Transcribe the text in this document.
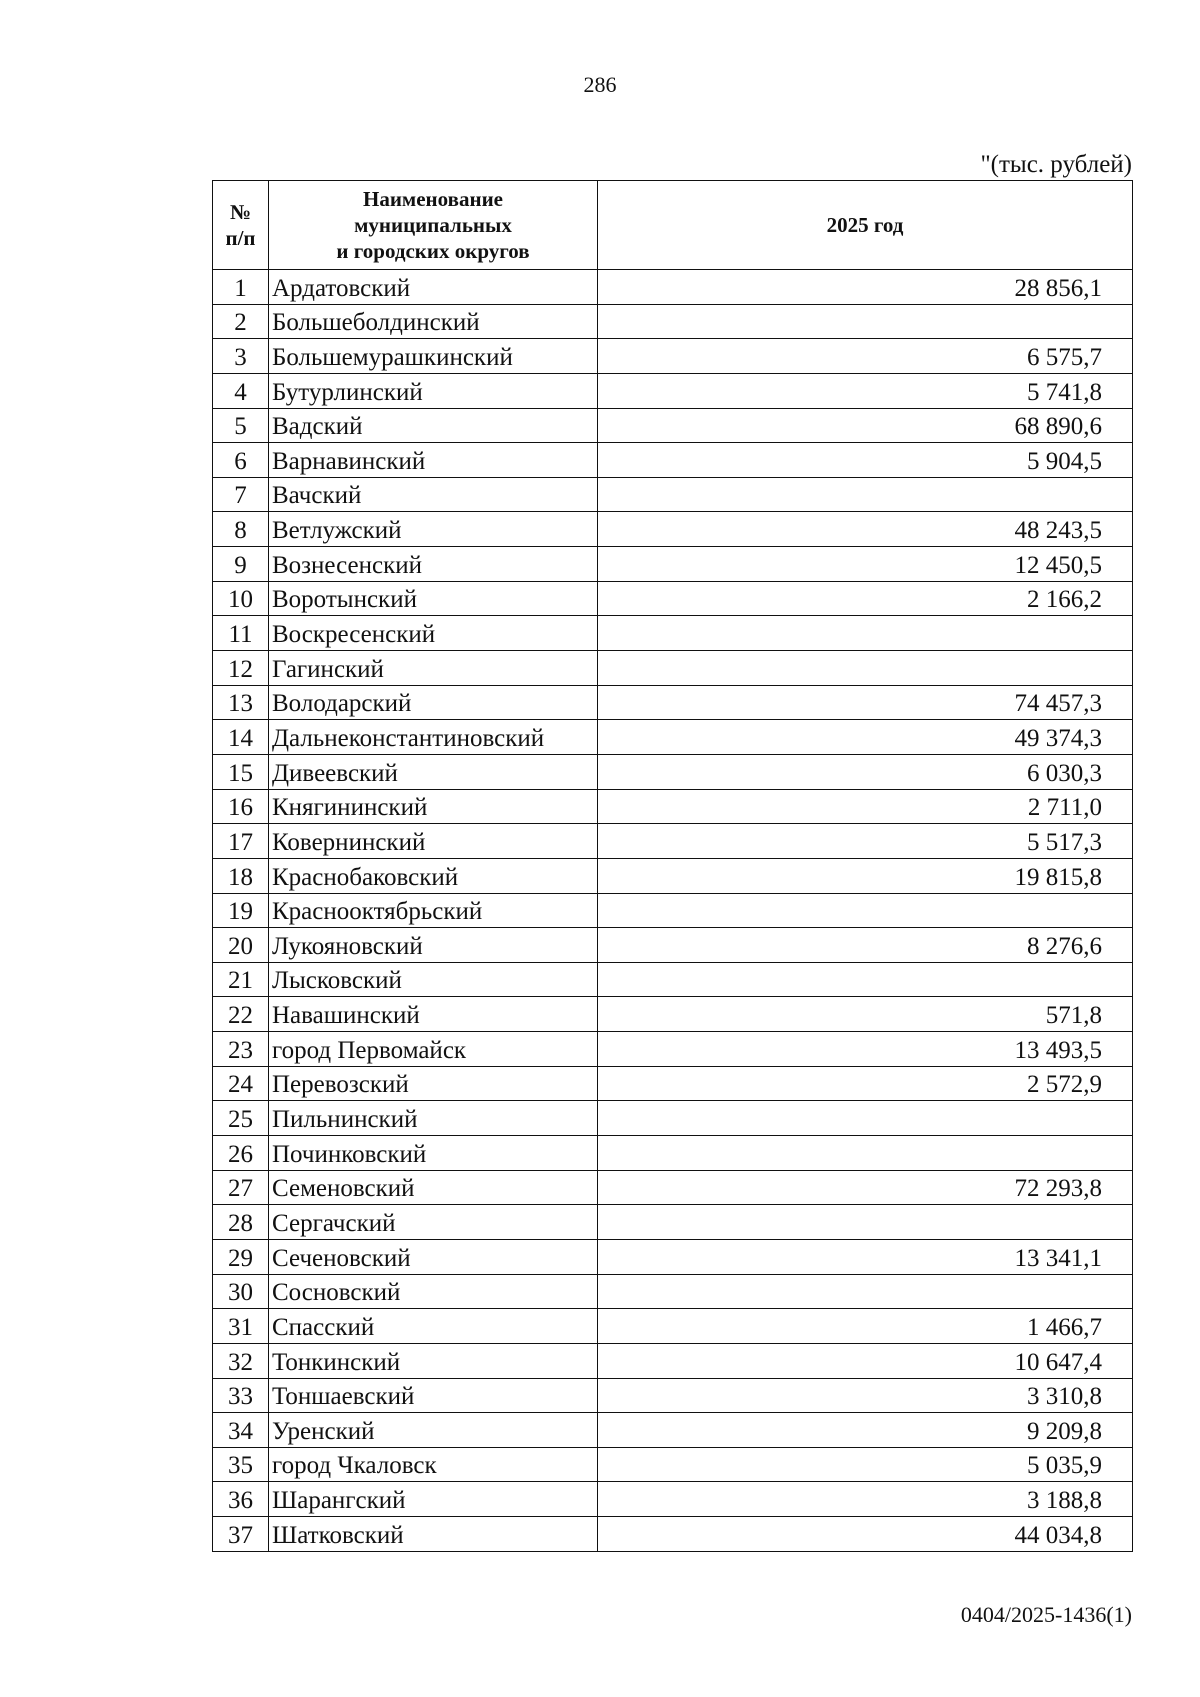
286
"(тыс. рублей)
№
п/п	Наименование
муниципальных
и городских округов	2025 год
1	Ардатовский	28 856,1
2	Большеболдинский	
3	Большемурашкинский	6 575,7
4	Бутурлинский	5 741,8
5	Вадский	68 890,6
6	Варнавинский	5 904,5
7	Вачский	
8	Ветлужский	48 243,5
9	Вознесенский	12 450,5
10	Воротынский	2 166,2
11	Воскресенский	
12	Гагинский	
13	Володарский	74 457,3
14	Дальнеконстантиновский	49 374,3
15	Дивеевский	6 030,3
16	Княгининский	2 711,0
17	Ковернинский	5 517,3
18	Краснобаковский	19 815,8
19	Краснооктябрьский	
20	Лукояновский	8 276,6
21	Лысковский	
22	Навашинский	571,8
23	город Первомайск	13 493,5
24	Перевозский	2 572,9
25	Пильнинский	
26	Починковский	
27	Семеновский	72 293,8
28	Сергачский	
29	Сеченовский	13 341,1
30	Сосновский	
31	Спасский	1 466,7
32	Тонкинский	10 647,4
33	Тоншаевский	3 310,8
34	Уренский	9 209,8
35	город Чкаловск	5 035,9
36	Шарангский	3 188,8
37	Шатковский	44 034,8
0404/2025-1436(1)
